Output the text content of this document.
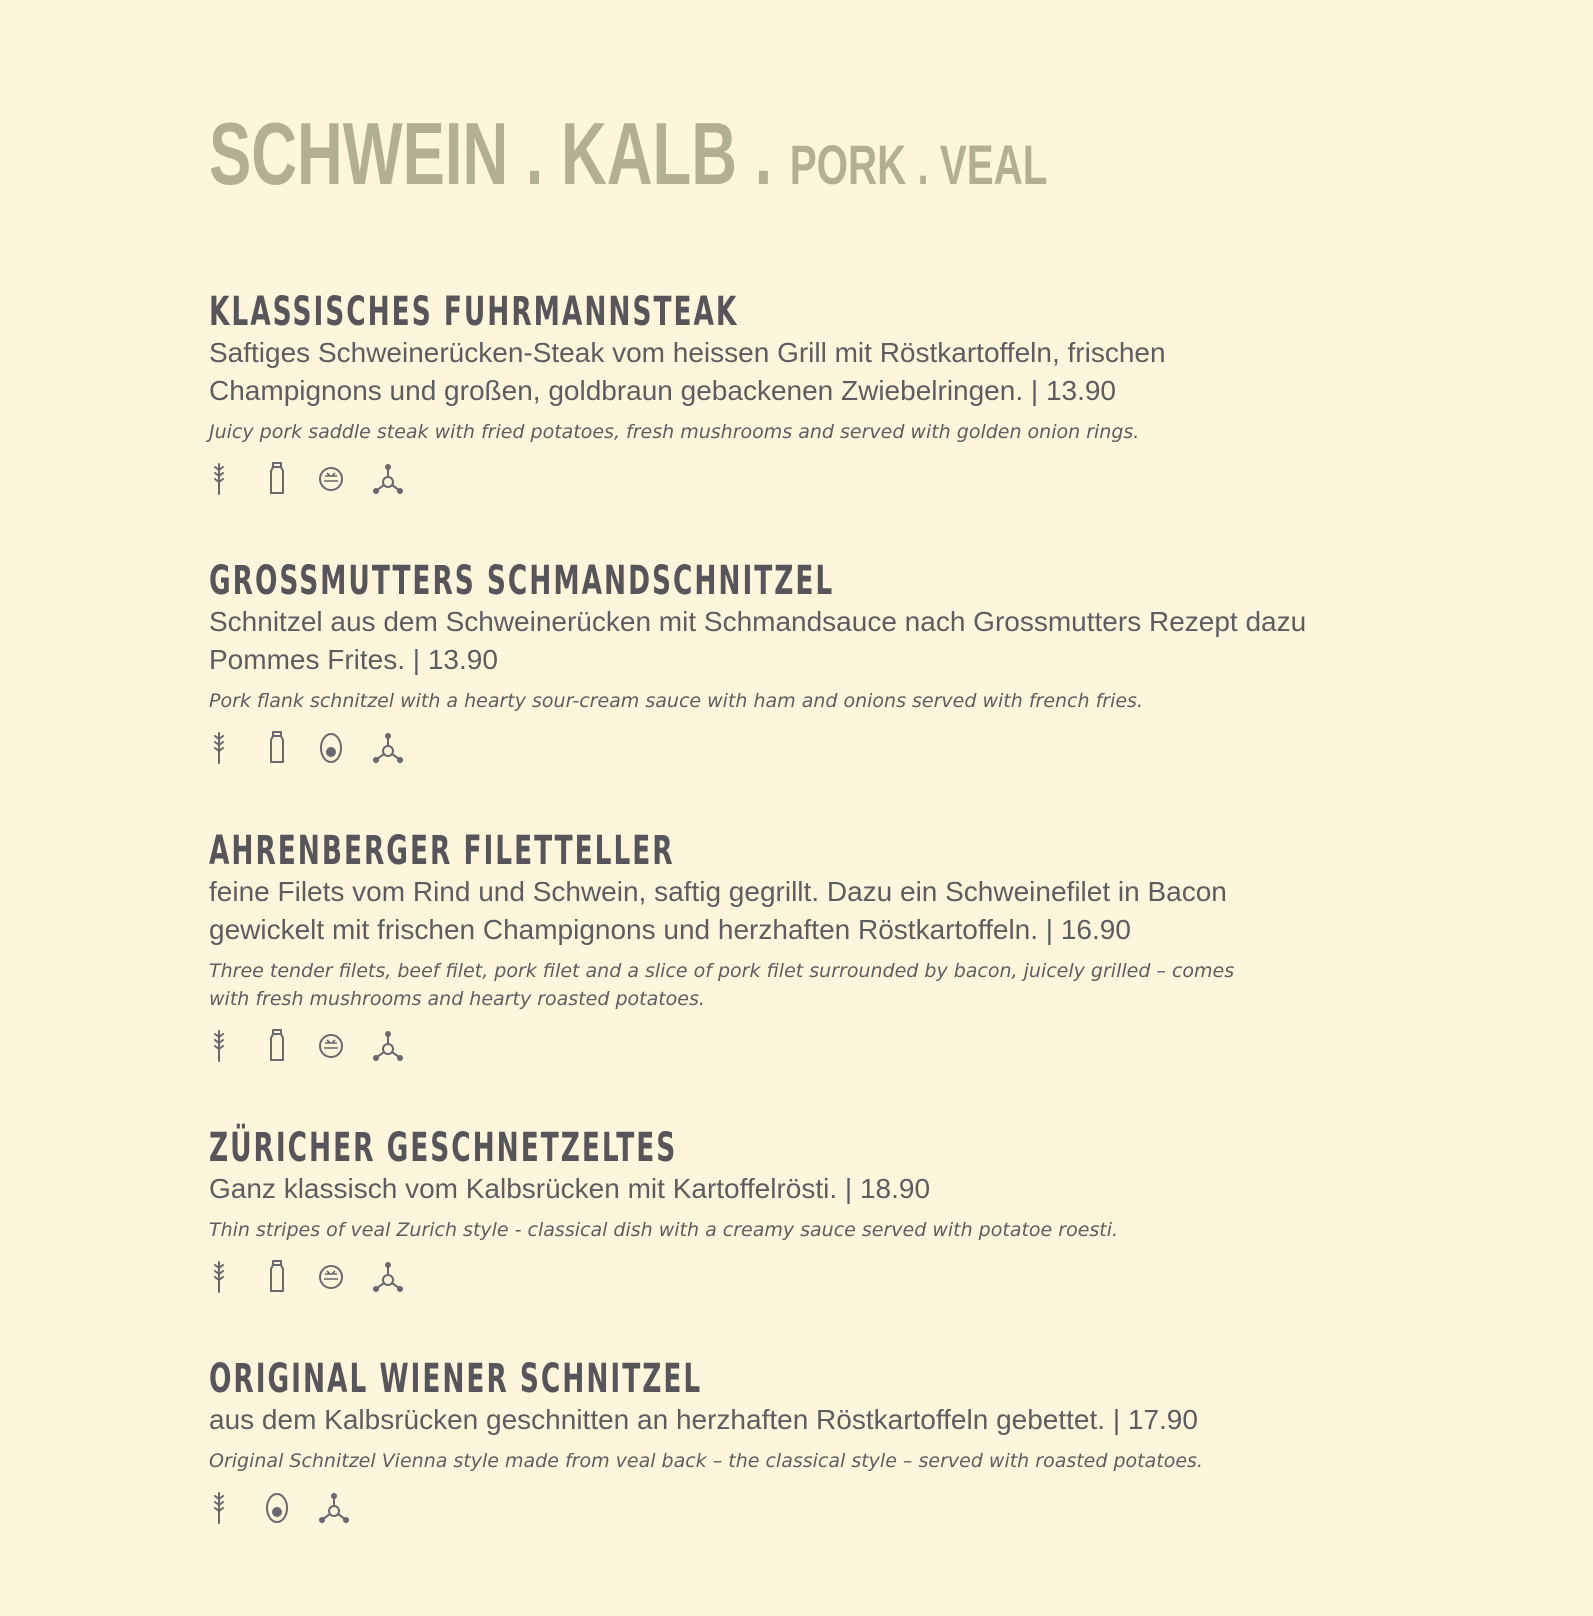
SCHWEIN . KALB . PORK . VEAL
KLASSISCHES FUHRMANNSTEAK
Saftiges Schweinerücken-Steak vom heissen Grill mit Röstkartoffeln, frischen Champignons und großen, goldbraun gebackenen Zwiebelringen. | 13.90
Juicy pork saddle steak with fried potatoes, fresh mushrooms and served with golden onion rings.
GROSSMUTTERS SCHMANDSCHNITZEL
Schnitzel aus dem Schweinerücken mit Schmandsauce nach Grossmutters Rezept dazu Pommes Frites. | 13.90
Pork flank schnitzel with a hearty sour-cream sauce with ham and onions served with french fries.
AHRENBERGER FILETTELLER
feine Filets vom Rind und Schwein, saftig gegrillt. Dazu ein Schweinefilet in Bacon gewickelt mit frischen Champignons und herzhaften Röstkartoffeln. | 16.90
Three tender filets, beef filet, pork filet and a slice of pork filet surrounded by bacon, juicely grilled – comes with fresh mushrooms and hearty roasted potatoes.
ZÜRICHER GESCHNETZELTES
Ganz klassisch vom Kalbsrücken mit Kartoffelrösti. | 18.90
Thin stripes of veal Zurich style - classical dish with a creamy sauce served with potatoe roesti.
ORIGINAL WIENER SCHNITZEL
aus dem Kalbsrücken geschnitten an herzhaften Röstkartoffeln gebettet. | 17.90
Original Schnitzel Vienna style made from veal back – the classical style – served with roasted potatoes.
